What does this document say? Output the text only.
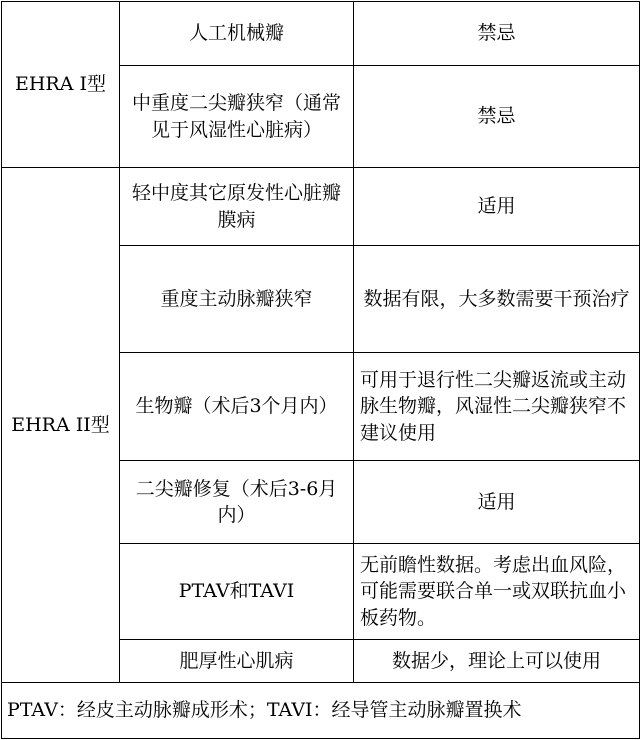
EHRA I型	人工机械瓣	禁忌
	中重度二尖瓣狭窄（通常见于风湿性心脏病）	禁忌
EHRA II型	轻中度其它原发性心脏瓣膜病	适用
	重度主动脉瓣狭窄	数据有限，大多数需要干预治疗
	生物瓣（术后3个月内）	可用于退行性二尖瓣返流或主动脉生物瓣，风湿性二尖瓣狭窄不建议使用
	二尖瓣修复（术后3-6月内）	适用
	PTAV和TAVI	无前瞻性数据。考虑出血风险，可能需要联合单一或双联抗血小板药物。
	肥厚性心肌病	数据少，理论上可以使用
PTAV：经皮主动脉瓣成形术；TAVI：经导管主动脉瓣置换术		
